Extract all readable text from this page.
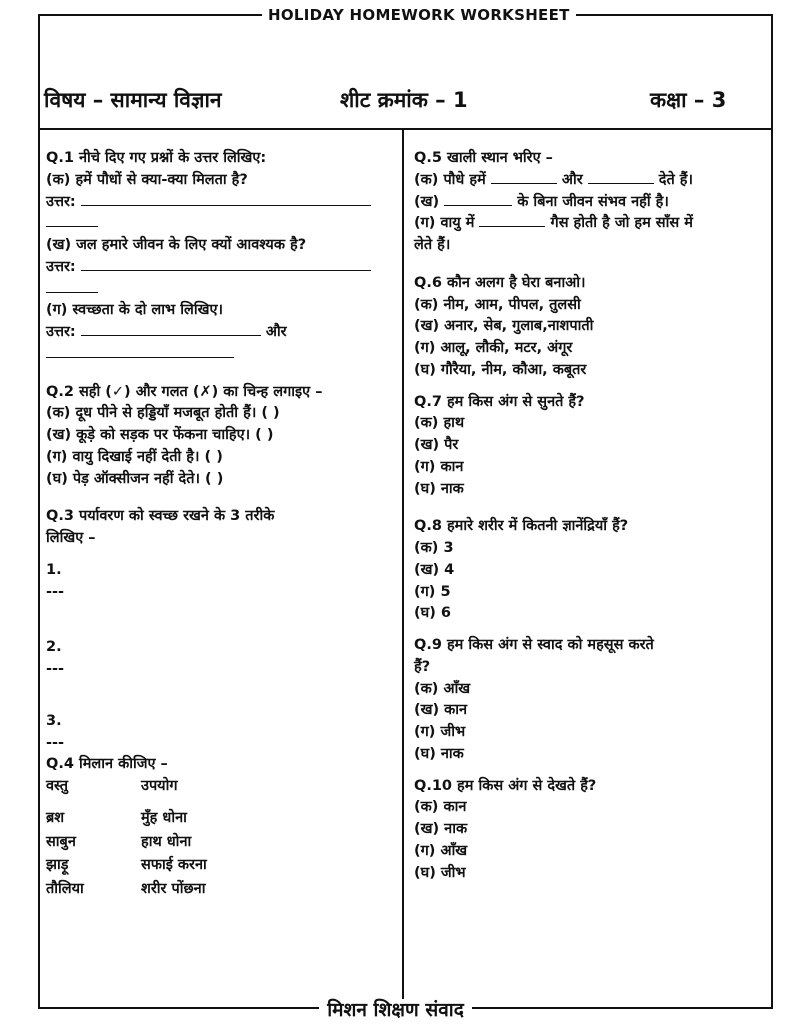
HOLIDAY HOMEWORK WORKSHEET
विषय – सामान्य विज्ञान	शीट क्रमांक – 1	कक्षा – 3

Q.1 नीचे दिए गए प्रश्नों के उत्तर लिखिए:

(क) हमें पौधों से क्या-क्या मिलता है?

उत्तर:

(ख) जल हमारे जीवन के लिए क्यों आवश्यक है?

उत्तर:

(ग) स्वच्छता के दो लाभ लिखिए।

उत्तर:	और

Q.2 सही (✓) और गलत (✗) का चिन्ह लगाइए –

(क) दूध पीने से हड्डियाँ मजबूत होती हैं। ( )

(ख) कूड़े को सड़क पर फेंकना चाहिए। ( )

(ग) वायु दिखाई नहीं देती है। ( )

(घ) पेड़ ऑक्सीजन नहीं देते। ( )

Q.3 पर्यावरण को स्वच्छ रखने के 3 तरीके

लिखिए –

1.

---

2.

---

3.

---

Q.4 मिलान कीजिए –

वस्तु	उपयोग
ब्रश	मुँह धोना
साबुन	हाथ धोना
झाड़ू	सफाई करना
तौलिया	शरीर पोंछना

Q.5 खाली स्थान भरिए –

(क) पौधे हमें	और	देते हैं।

(ख)	के बिना जीवन संभव नहीं है।

(ग) वायु में	गैस होती है जो हम साँस में

लेते हैं।

Q.6 कौन अलग है घेरा बनाओ।

(क) नीम, आम, पीपल, तुलसी

(ख) अनार, सेब, गुलाब,नाशपाती

(ग) आलू, लौकी, मटर, अंगूर

(घ) गौरैया, नीम, कौआ, कबूतर

Q.7 हम किस अंग से सुनते हैं?

(क) हाथ

(ख) पैर

(ग) कान

(घ) नाक

Q.8 हमारे शरीर में कितनी ज्ञानेंद्रियाँ हैं?

(क) 3

(ख) 4

(ग) 5

(घ) 6

Q.9 हम किस अंग से स्वाद को महसूस करते

हैं?

(क) आँख

(ख) कान

(ग) जीभ

(घ) नाक

Q.10 हम किस अंग से देखते हैं?

(क) कान

(ख) नाक

(ग) आँख

(घ) जीभ

मिशन शिक्षण संवाद
